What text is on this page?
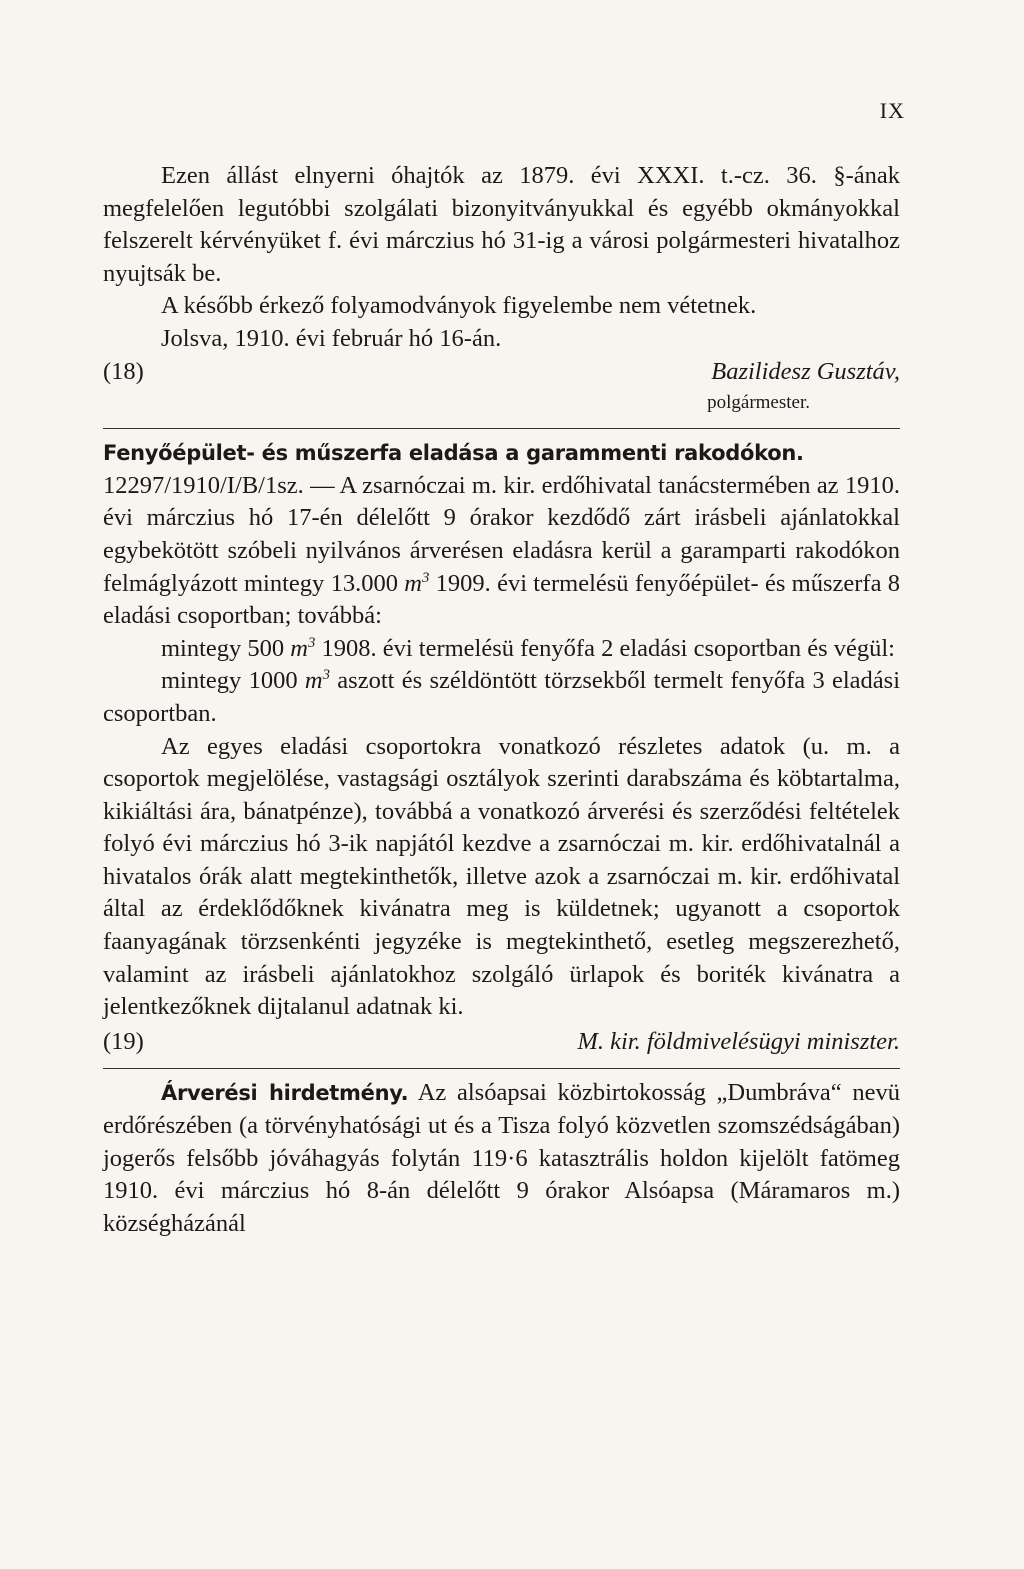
IX

Ezen állást elnyerni óhajtók az 1879. évi XXXI. t.-cz. 36. §-ának megfelelően legutóbbi szolgálati bizonyitványukkal és egyébb okmányokkal felszerelt kérvényüket f. évi márczius hó 31-ig a városi polgármesteri hivatalhoz nyujtsák be.

A később érkező folyamodványok figyelembe nem vétetnek.

Jolsva, 1910. évi február hó 16-án.

(18)	Bazilidesz Gusztáv,
polgármester.

Fenyőépület- és műszerfa eladása a garammenti rakodókon.

12297/1910/I/B/1sz. — A zsarnóczai m. kir. erdőhivatal tanácstermében az 1910. évi márczius hó 17-én délelőtt 9 órakor kezdődő zárt irásbeli ajánlatokkal egybekötött szóbeli nyilvános árverésen eladásra kerül a garamparti rakodókon felmáglyázott mintegy 13.000 $m^3$ 1909. évi termelésü fenyőépület- és műszerfa 8 eladási csoportban; továbbá:

mintegy 500 $m^3$ 1908. évi termelésü fenyőfa 2 eladási csoportban és végül:

mintegy 1000 $m^3$ aszott és széldöntött törzsekből termelt fenyőfa 3 eladási csoportban.

Az egyes eladási csoportokra vonatkozó részletes adatok (u. m. a csoportok megjelölése, vastagsági osztályok szerinti darabszáma és köbtartalma, kikiáltási ára, bánatpénze), továbbá a vonatkozó árverési és szerződési feltételek folyó évi márczius hó 3-ik napjától kezdve a zsarnóczai m. kir. erdőhivatalnál a hivatalos órák alatt megtekinthetők, illetve azok a zsarnóczai m. kir. erdőhivatal által az érdeklődőknek kivánatra meg is küldetnek; ugyanott a csoportok faanyagának törzsenkénti jegyzéke is megtekinthető, esetleg megszerezhető, valamint az irásbeli ajánlatokhoz szolgáló ürlapok és boriték kivánatra a jelentkezőknek dijtalanul adatnak ki.

(19)	M. kir. földmivelésügyi miniszter.

Árverési hirdetmény. Az alsóapsai közbirtokosság „Dumbráva“ nevü erdőrészében (a törvényhatósági ut és a Tisza folyó közvetlen szomszédságában) jogerős felsőbb jóváhagyás folytán 119·6 katasztrális holdon kijelölt fatömeg 1910. évi márczius hó 8-án délelőtt 9 órakor Alsóapsa (Máramaros m.) községházánál
